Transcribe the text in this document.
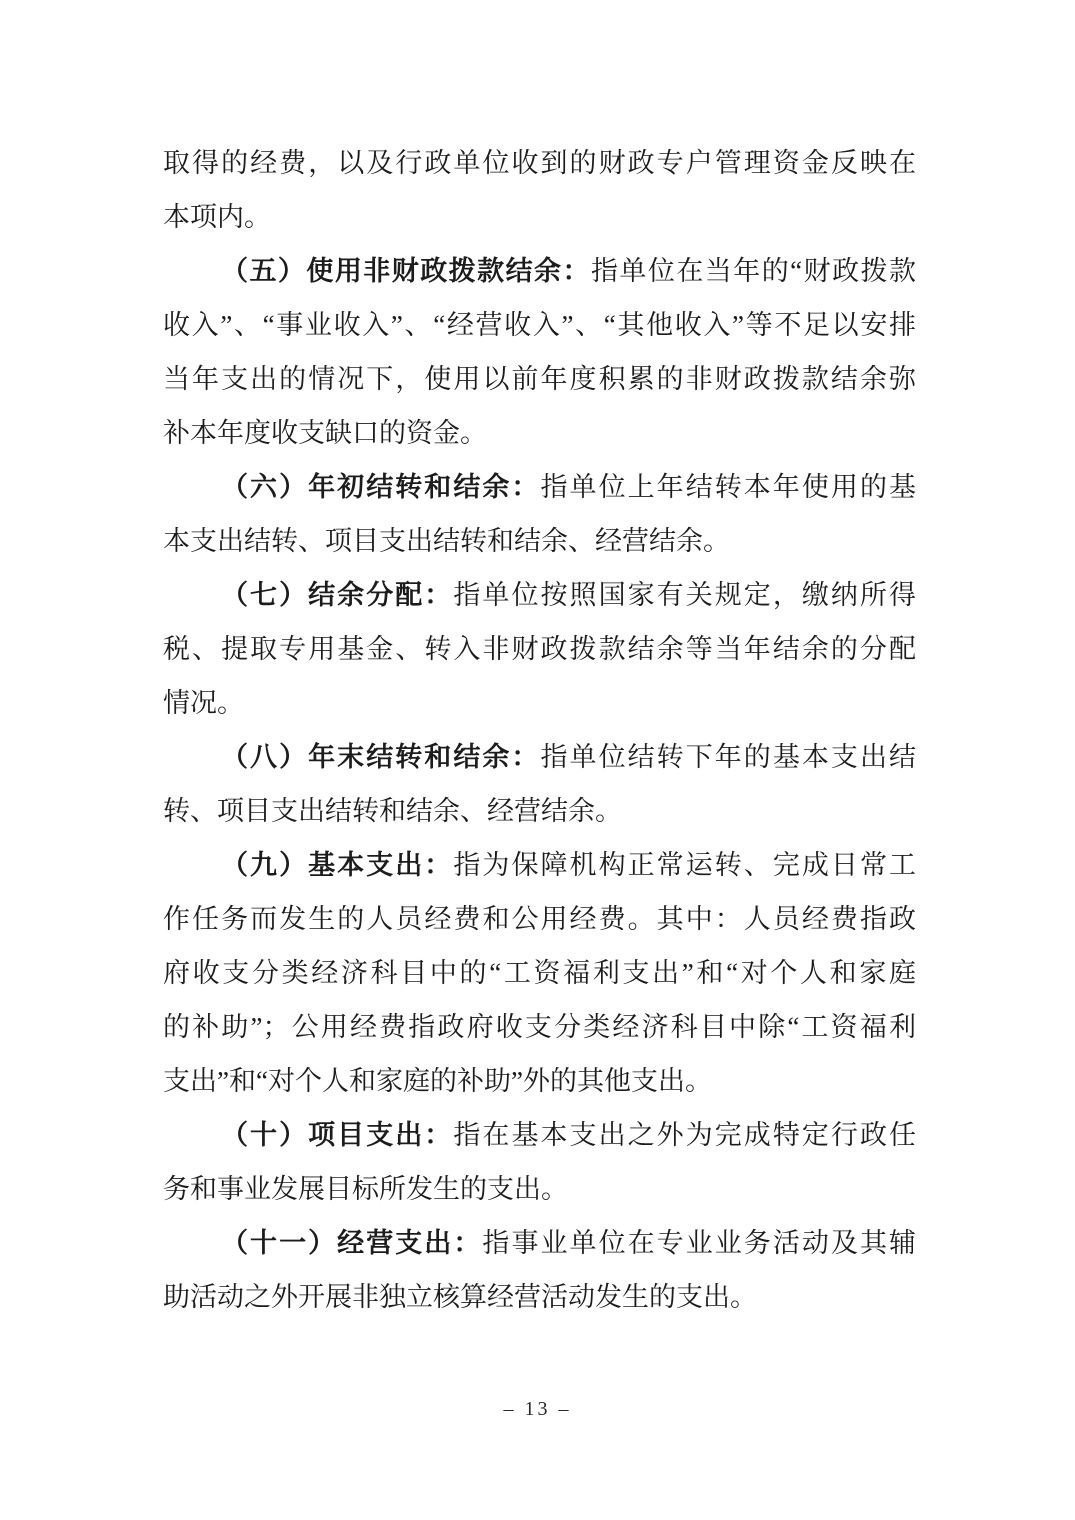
取得的经费，以及行政单位收到的财政专户管理资金反映在
本项内。
（五）使用非财政拨款结余：指单位在当年的“财政拨款
收入”、“事业收入”、“经营收入”、“其他收入”等不足以安排
当年支出的情况下，使用以前年度积累的非财政拨款结余弥
补本年度收支缺口的资金。
（六）年初结转和结余：指单位上年结转本年使用的基
本支出结转、项目支出结转和结余、经营结余。
（七）结余分配：指单位按照国家有关规定，缴纳所得
税、提取专用基金、转入非财政拨款结余等当年结余的分配
情况。
（八）年末结转和结余：指单位结转下年的基本支出结
转、项目支出结转和结余、经营结余。
（九）基本支出：指为保障机构正常运转、完成日常工
作任务而发生的人员经费和公用经费。其中：人员经费指政
府收支分类经济科目中的“工资福利支出”和“对个人和家庭
的补助”；公用经费指政府收支分类经济科目中除“工资福利
支出”和“对个人和家庭的补助”外的其他支出。
（十）项目支出：指在基本支出之外为完成特定行政任
务和事业发展目标所发生的支出。
（十一）经营支出：指事业单位在专业业务活动及其辅
助活动之外开展非独立核算经营活动发生的支出。
– 13 –
